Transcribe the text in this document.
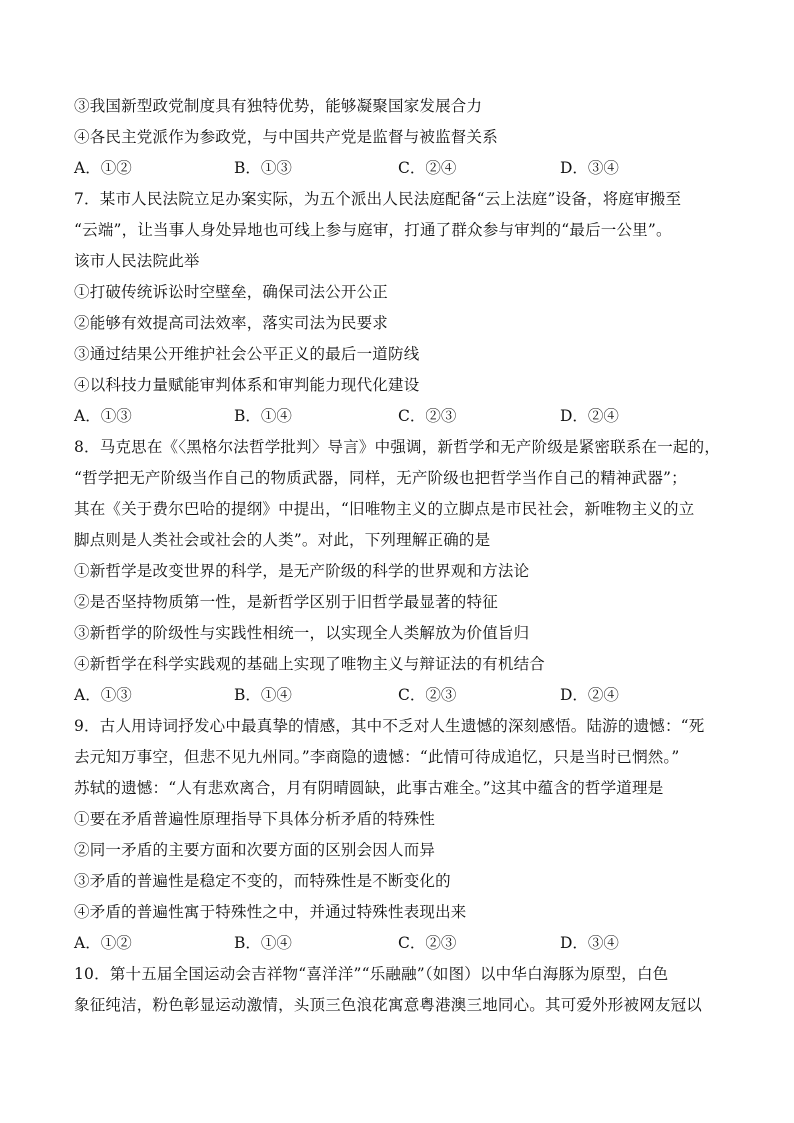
③我国新型政党制度具有独特优势，能够凝聚国家发展合力
④各民主党派作为参政党，与中国共产党是监督与被监督关系
A．①②	B．①③	C．②④	D．③④
7．某市人民法院立足办案实际，为五个派出人民法庭配备“云上法庭”设备，将庭审搬至
“云端”，让当事人身处异地也可线上参与庭审，打通了群众参与审判的“最后一公里”。
该市人民法院此举
①打破传统诉讼时空壁垒，确保司法公开公正
②能够有效提高司法效率，落实司法为民要求
③通过结果公开维护社会公平正义的最后一道防线
④以科技力量赋能审判体系和审判能力现代化建设
A．①③	B．①④	C．②③	D．②④
8．马克思在《〈黑格尔法哲学批判〉导言》中强调，新哲学和无产阶级是紧密联系在一起的，
“哲学把无产阶级当作自己的物质武器，同样，无产阶级也把哲学当作自己的精神武器”；
其在《关于费尔巴哈的提纲》中提出，“旧唯物主义的立脚点是市民社会，新唯物主义的立
脚点则是人类社会或社会的人类”。对此，下列理解正确的是
①新哲学是改变世界的科学，是无产阶级的科学的世界观和方法论
②是否坚持物质第一性，是新哲学区别于旧哲学最显著的特征
③新哲学的阶级性与实践性相统一，以实现全人类解放为价值旨归
④新哲学在科学实践观的基础上实现了唯物主义与辩证法的有机结合
A．①③	B．①④	C．②③	D．②④
9．古人用诗词抒发心中最真挚的情感，其中不乏对人生遗憾的深刻感悟。陆游的遗憾：“死
去元知万事空，但悲不见九州同。”李商隐的遗憾：“此情可待成追忆，只是当时已惘然。”
苏轼的遗憾：“人有悲欢离合，月有阴晴圆缺，此事古难全。”这其中蕴含的哲学道理是
①要在矛盾普遍性原理指导下具体分析矛盾的特殊性
②同一矛盾的主要方面和次要方面的区别会因人而异
③矛盾的普遍性是稳定不变的，而特殊性是不断变化的
④矛盾的普遍性寓于特殊性之中，并通过特殊性表现出来
A．①②	B．①④	C．②③	D．③④
10．第十五届全国运动会吉祥物“喜洋洋”“乐融融”（如图）以中华白海豚为原型，白色
象征纯洁，粉色彰显运动激情，头顶三色浪花寓意粤港澳三地同心。其可爱外形被网友冠以
